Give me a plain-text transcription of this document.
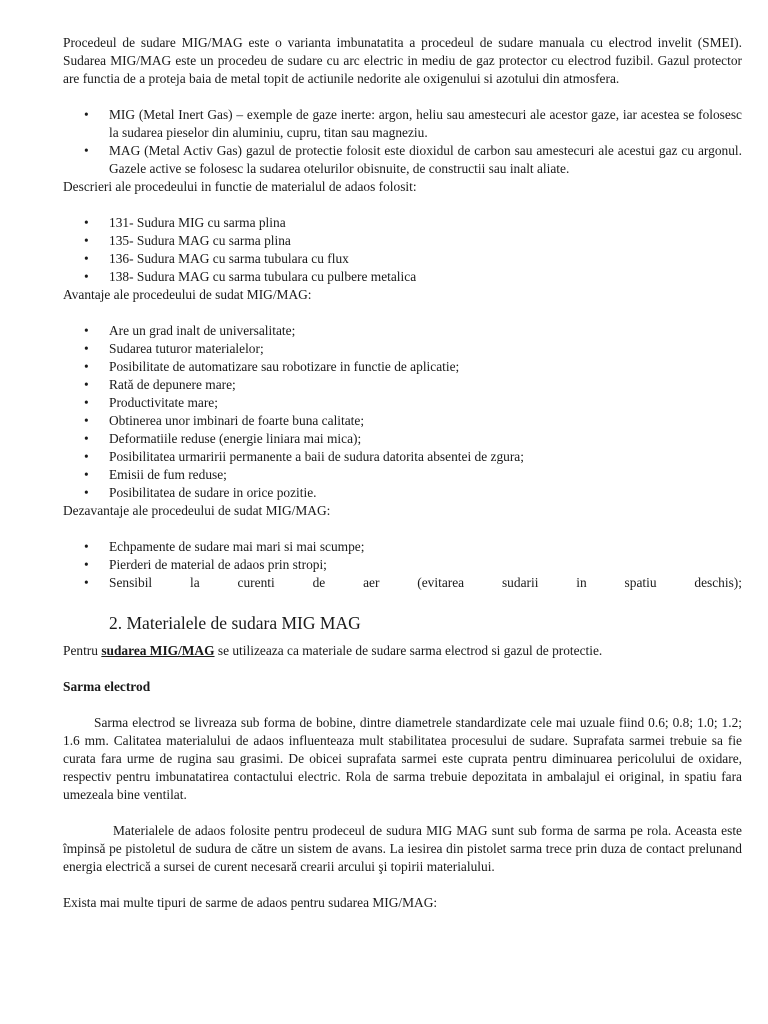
Procedeul de sudare MIG/MAG este o varianta imbunatatita a procedeul de sudare manuala cu electrod invelit (SMEI). Sudarea MIG/MAG este un procedeu de sudare cu arc electric in mediu de gaz protector cu electrod fuzibil. Gazul protector are functia de a proteja baia de metal topit de actiunile nedorite ale oxigenului si azotului din atmosfera.

• MIG (Metal Inert Gas) – exemple de gaze inerte: argon, heliu sau amestecuri ale acestor gaze, iar acestea se folosesc la sudarea pieselor din aluminiu, cupru, titan sau magneziu.
• MAG (Metal Activ Gas) gazul de protectie folosit este dioxidul de carbon sau amestecuri ale acestui gaz cu argonul. Gazele active se folosesc la sudarea otelurilor obisnuite, de constructii sau inalt aliate.

Descrieri ale procedeului in functie de materialul de adaos folosit:

• 131- Sudura MIG cu sarma plina
• 135- Sudura MAG cu sarma plina
• 136- Sudura MAG cu sarma tubulara cu flux
• 138- Sudura MAG cu sarma tubulara cu pulbere metalica

Avantaje ale procedeului de sudat MIG/MAG:

• Are un grad inalt de universalitate;
• Sudarea tuturor materialelor;
• Posibilitate de automatizare sau robotizare in functie de aplicatie;
• Rată de depunere mare;
• Productivitate mare;
• Obtinerea unor imbinari de foarte buna calitate;
• Deformatiile reduse (energie liniara mai mica);
• Posibilitatea urmaririi permanente a baii de sudura datorita absentei de zgura;
• Emisii de fum reduse;
• Posibilitatea de sudare in orice pozitie.

Dezavantaje ale procedeului de sudat MIG/MAG:

• Echpamente de sudare mai mari si mai scumpe;
• Pierderi de material de adaos prin stropi;
• Sensibil la curenti de aer (evitarea sudarii in spatiu deschis);
2. Materialele de sudara MIG MAG

Pentru sudarea MIG/MAG se utilizeaza ca materiale de sudare sarma electrod si gazul de protectie.

Sarma electrod

Sarma electrod se livreaza sub forma de bobine, dintre diametrele standardizate cele mai uzuale fiind 0.6; 0.8; 1.0; 1.2; 1.6 mm. Calitatea materialului de adaos influenteaza mult stabilitatea procesului de sudare. Suprafata sarmei trebuie sa fie curata fara urme de rugina sau grasimi. De obicei suprafata sarmei este cuprata pentru diminuarea pericolului de oxidare, respectiv pentru imbunatatirea contactului electric. Rola de sarma trebuie depozitata in ambalajul ei original, in spatiu fara umezeala bine ventilat.

Materialele de adaos folosite pentru prodeceul de sudura MIG MAG sunt sub forma de sarma pe rola. Aceasta este împinsă pe pistoletul de sudura de către un sistem de avans. La iesirea din pistolet sarma trece prin duza de contact prelunand energia electrică a sursei de curent necesară crearii arcului şi topirii materialului.

Exista mai multe tipuri de sarme de adaos pentru sudarea MIG/MAG:
